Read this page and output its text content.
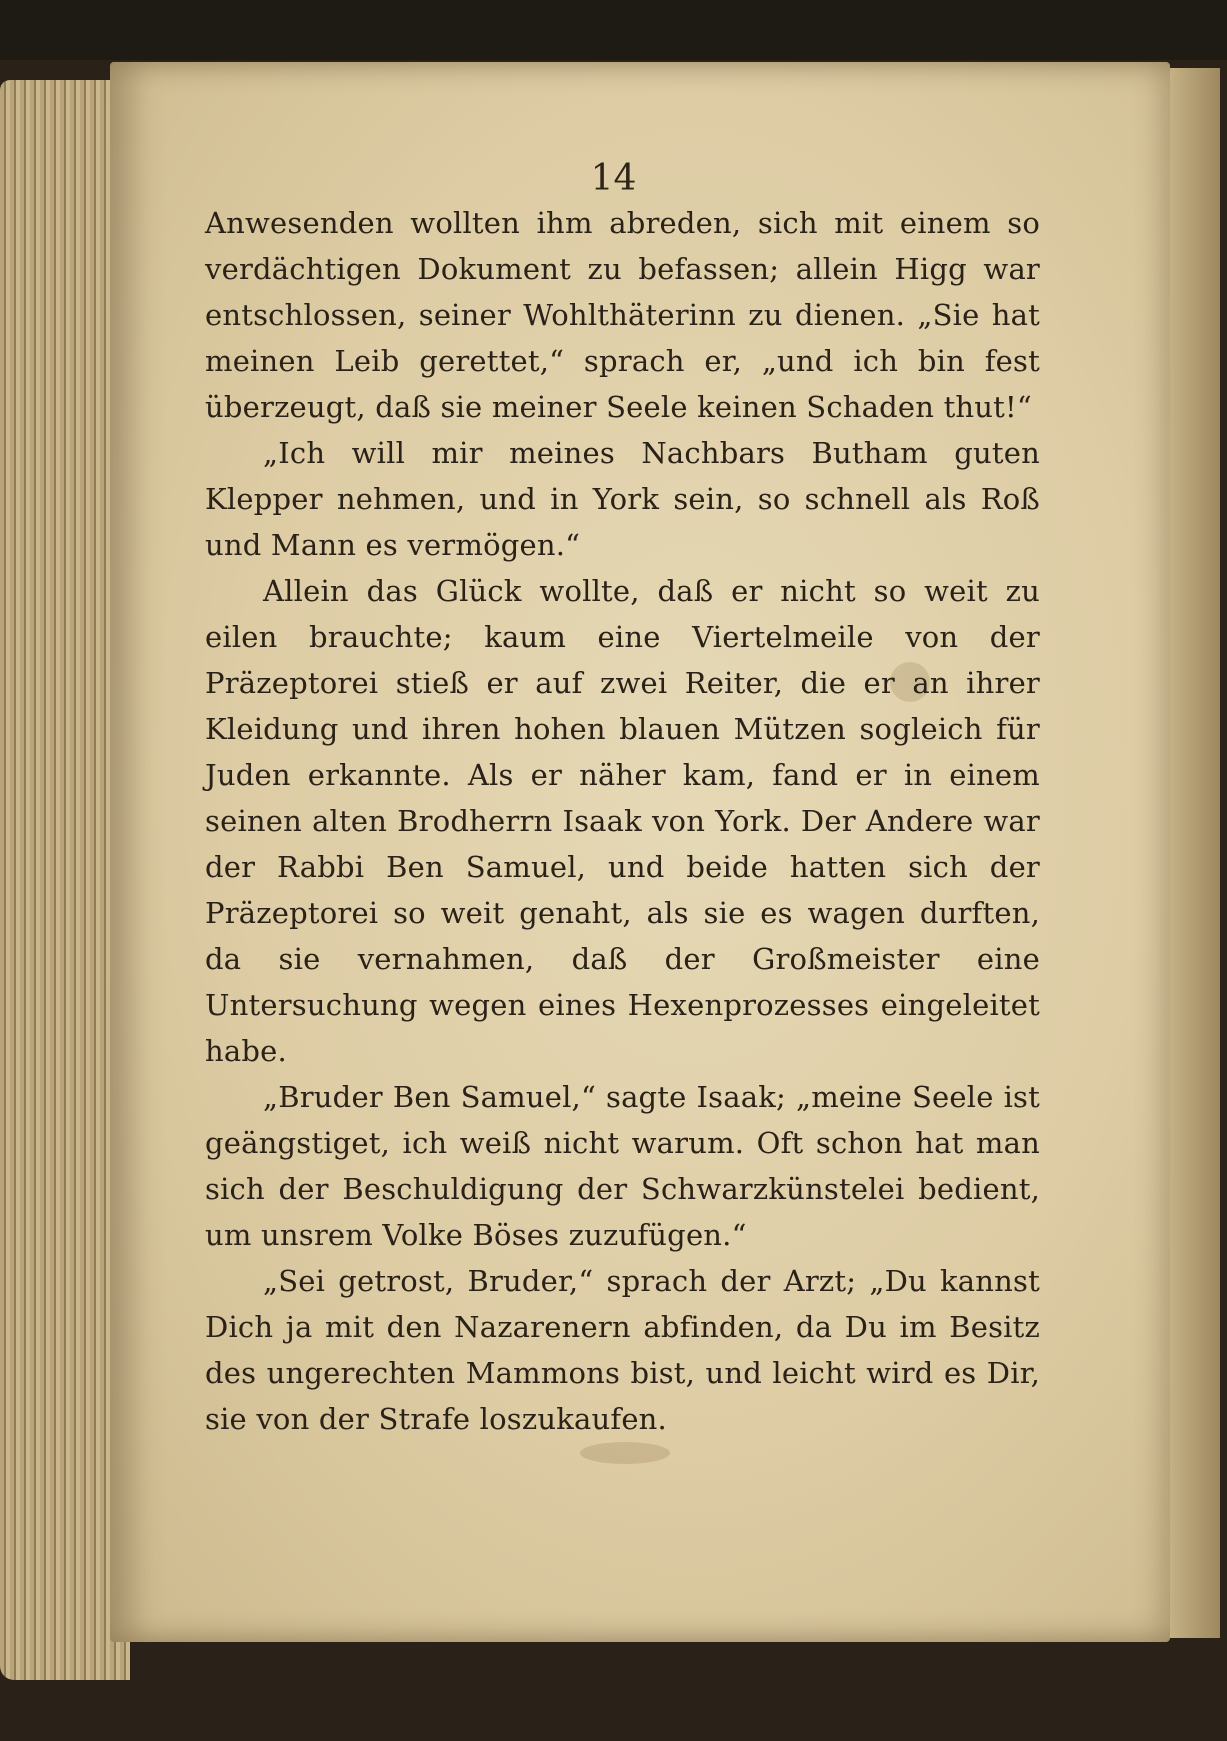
14

Anwesenden wollten ihm abreden, sich mit einem so verdächtigen Dokument zu befassen; allein Higg war entschlossen, seiner Wohlthäterinn zu dienen. „Sie hat meinen Leib gerettet,“ sprach er, „und ich bin fest überzeugt, daß sie meiner Seele keinen Schaden thut!“

„Ich will mir meines Nachbars Butham guten Klepper nehmen, und in York sein, so schnell als Roß und Mann es vermögen.“

Allein das Glück wollte, daß er nicht so weit zu eilen brauchte; kaum eine Viertelmeile von der Präzeptorei stieß er auf zwei Reiter, die er an ihrer Kleidung und ihren hohen blauen Mützen sogleich für Juden erkannte. Als er näher kam, fand er in einem seinen alten Brodherrn Isaak von York. Der Andere war der Rabbi Ben Samuel, und beide hatten sich der Präzeptorei so weit genaht, als sie es wagen durften, da sie vernahmen, daß der Großmeister eine Untersuchung wegen eines Hexenprozesses eingeleitet habe.

„Bruder Ben Samuel,“ sagte Isaak; „meine Seele ist geängstiget, ich weiß nicht warum. Oft schon hat man sich der Beschuldigung der Schwarzkünstelei bedient, um unsrem Volke Böses zuzufügen.“

„Sei getrost, Bruder,“ sprach der Arzt; „Du kannst Dich ja mit den Nazarenern abfinden, da Du im Besitz des ungerechten Mammons bist, und leicht wird es Dir, sie von der Strafe loszukaufen.
